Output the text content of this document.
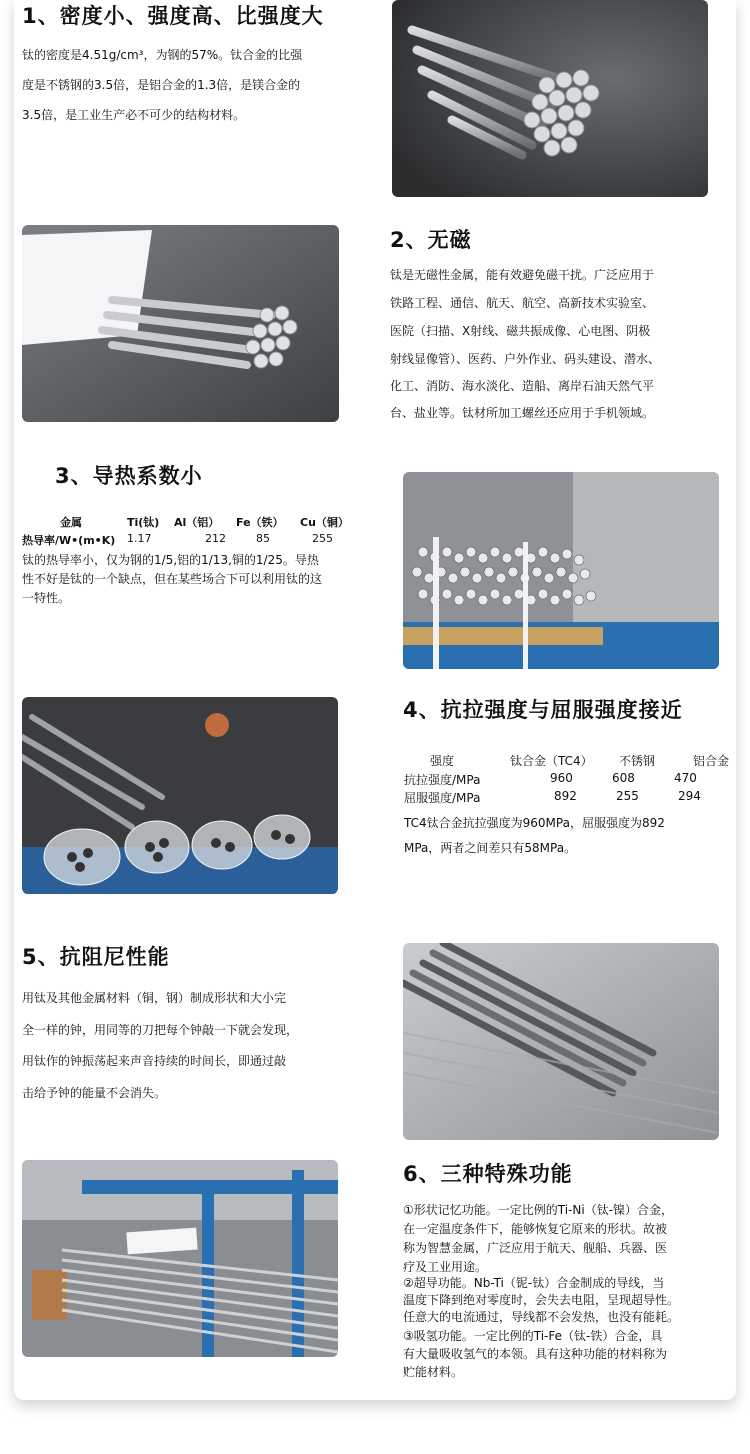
1、密度小、强度高、比强度大
钛的密度是4.51g/cm³，为钢的57%。钛合金的比强
度是不锈钢的3.5倍，是铝合金的1.3倍，是镁合金的
3.5倍，是工业生产必不可少的结构材料。
2、无磁
钛是无磁性金属，能有效避免磁干扰。广泛应用于
铁路工程、通信、航天、航空、高新技术实验室、
医院（扫描、X射线、磁共振成像、心电图、阴极
射线显像管）、医药、户外作业、码头建设、潜水、
化工、消防、海水淡化、造船、离岸石油天然气平
台、盐业等。钛材所加工螺丝还应用于手机领域。
3、导热系数小
金属	Ti(钛) Al（铝） Fe（铁） Cu（铜）
热导率/W•(m•K) 1.17	212	85	255
钛的热导率小，仅为钢的1/5,铝的1/13,铜的1/25。导热
性不好是钛的一个缺点，但在某些场合下可以利用钛的这
一特性。
4、抗拉强度与屈服强度接近
强度	钛合金（TC4） 不锈钢	铝合金
抗拉强度/MPa	960	608	470
屈服强度/MPa	892	255	294
TC4钛合金抗拉强度为960MPa，屈服强度为892
MPa，两者之间差只有58MPa。
5、抗阻尼性能
用钛及其他金属材料（铜，钢）制成形状和大小完
全一样的钟，用同等的刀把每个钟敲一下就会发现，
用钛作的钟振荡起来声音持续的时间长，即通过敲
击给予钟的能量不会消失。
6、三种特殊功能
①形状记忆功能。一定比例的Ti-Ni（钛-镍）合金，
在一定温度条件下，能够恢复它原来的形状。故被
称为智慧金属，广泛应用于航天、舰船、兵器、医
疗及工业用途。
②超导功能。Nb-Ti（铌-钛）合金制成的导线，当
温度下降到绝对零度时，会失去电阻，呈现超导性。
任意大的电流通过，导线都不会发热，也没有能耗。
③吸氢功能。一定比例的Ti-Fe（钛-铁）合金，具
有大量吸收氢气的本领。具有这种功能的材料称为
贮能材料。
